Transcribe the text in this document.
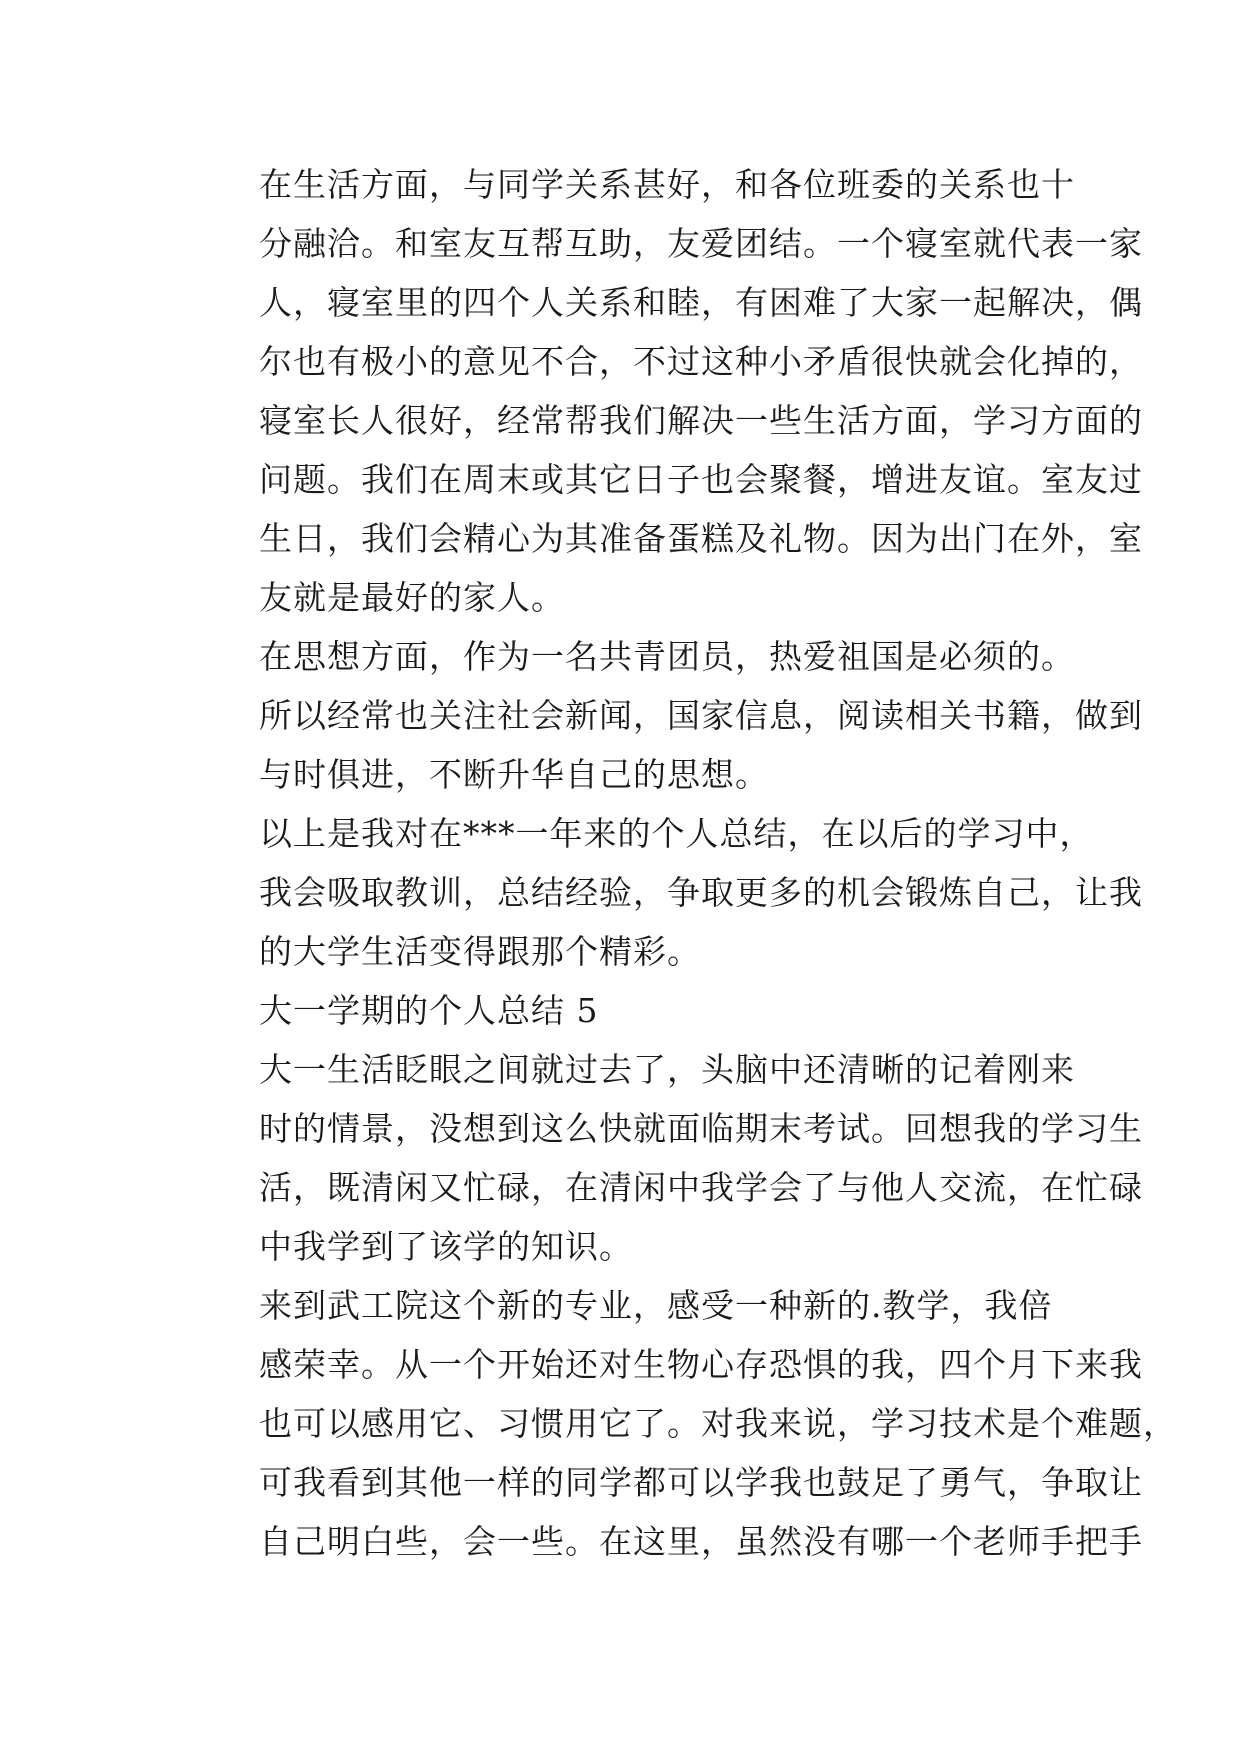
在生活方面，与同学关系甚好，和各位班委的关系也十
分融洽。和室友互帮互助，友爱团结。一个寝室就代表一家
人，寝室里的四个人关系和睦，有困难了大家一起解决，偶
尔也有极小的意见不合，不过这种小矛盾很快就会化掉的，
寝室长人很好，经常帮我们解决一些生活方面，学习方面的
问题。我们在周末或其它日子也会聚餐，增进友谊。室友过
生日，我们会精心为其准备蛋糕及礼物。因为出门在外，室
友就是最好的家人。

在思想方面，作为一名共青团员，热爱祖国是必须的。
所以经常也关注社会新闻，国家信息，阅读相关书籍，做到
与时俱进，不断升华自己的思想。

以上是我对在***一年来的个人总结，在以后的学习中，
我会吸取教训，总结经验，争取更多的机会锻炼自己，让我
的大学生活变得跟那个精彩。

大一学期的个人总结 5

大一生活眨眼之间就过去了，头脑中还清晰的记着刚来
时的情景，没想到这么快就面临期末考试。回想我的学习生
活，既清闲又忙碌，在清闲中我学会了与他人交流，在忙碌
中我学到了该学的知识。

来到武工院这个新的专业，感受一种新的.教学，我倍
感荣幸。从一个开始还对生物心存恐惧的我，四个月下来我
也可以感用它、习惯用它了。对我来说，学习技术是个难题，
可我看到其他一样的同学都可以学我也鼓足了勇气，争取让
自己明白些，会一些。在这里，虽然没有哪一个老师手把手
